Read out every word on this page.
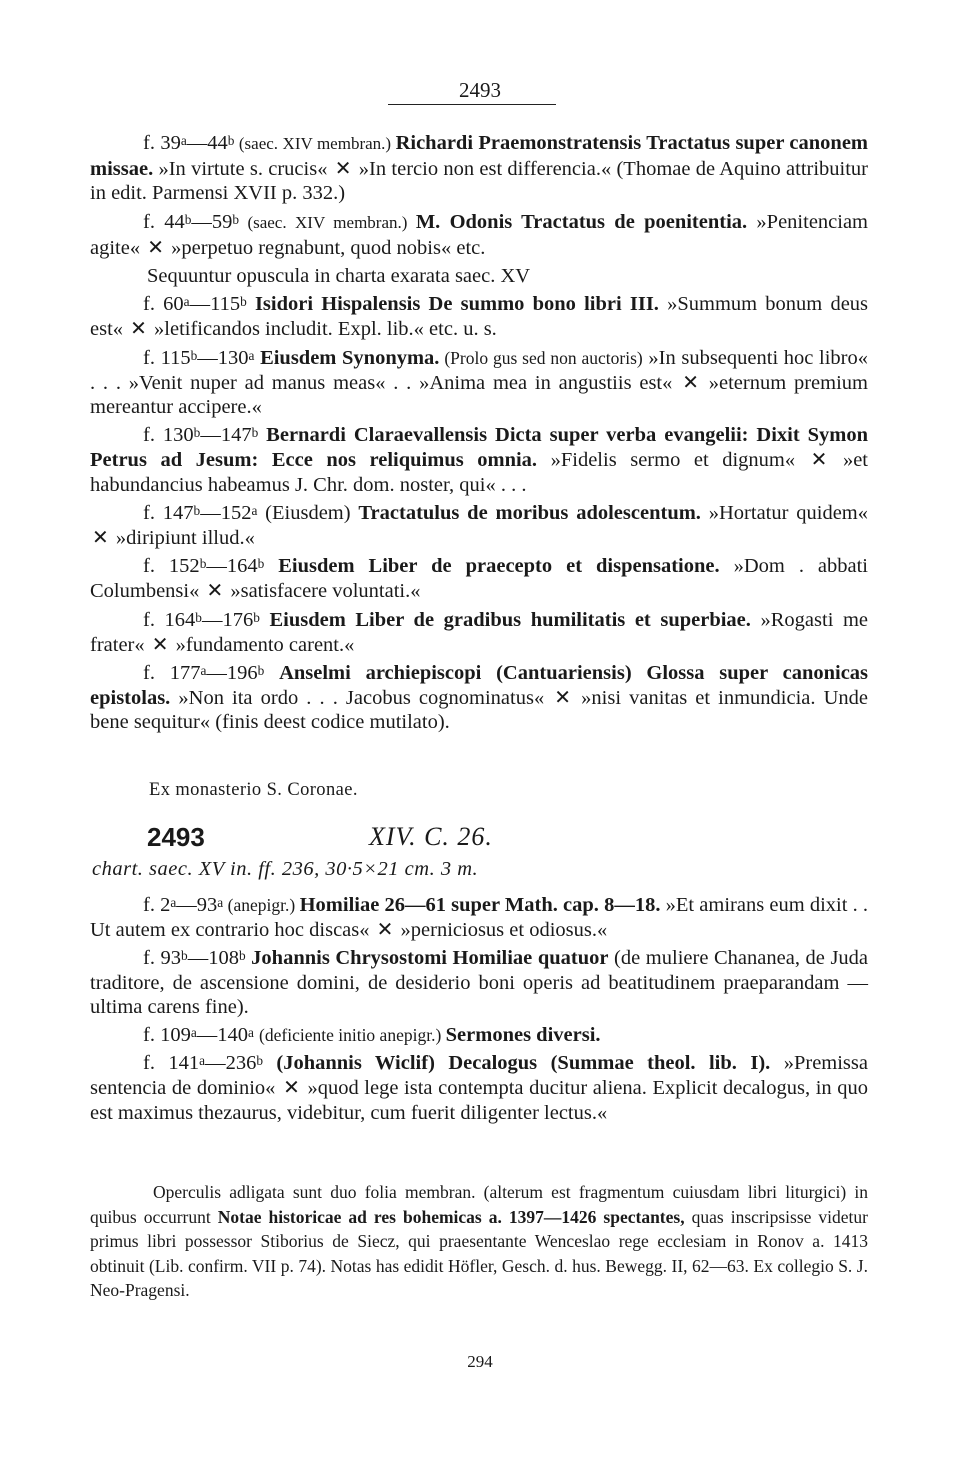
2493

f. 39$^a$—44$^b$ (saec. XIV membran.) Richardi Praemonstratensis Tractatus super canonem missae. »In virtute s. crucis« ✕ »In tercio non est differencia.« (Thomae de Aquino attribuitur in edit. Parmensi XVII p. 332.)

f. 44$^b$—59$^b$ (saec. XIV membran.) M. Odonis Tractatus de poenitentia. »Penitenciam agite« ✕ »perpetuo regnabunt, quod nobis« etc.

Sequuntur opuscula in charta exarata saec. XV

f. 60$^a$—115$^b$ Isidori Hispalensis De summo bono libri III. »Summum bonum deus est« ✕ »letificandos includit. Expl. lib.« etc. u. s.

f. 115$^b$—130$^a$ Eiusdem Synonyma. (Prolo gus sed non auctoris) »In subsequenti hoc libro« . . . »Venit nuper ad manus meas« . . »Anima mea in angustiis est« ✕ »eternum premium mereantur accipere.«

f. 130$^b$—147$^b$ Bernardi Claraevallensis Dicta super verba evangelii: Dixit Symon Petrus ad Jesum: Ecce nos reliquimus omnia. »Fidelis sermo et dignum« ✕ »et habundancius habeamus J. Chr. dom. noster, qui« . . .

f. 147$^b$—152$^a$ (Eiusdem) Tractatulus de moribus adolescentum. »Hortatur quidem« ✕ »diripiunt illud.«

f. 152$^b$—164$^b$ Eiusdem Liber de praecepto et dispensatione. »Dom . abbati Columbensi« ✕ »satisfacere voluntati.«

f. 164$^b$—176$^b$ Eiusdem Liber de gradibus humilitatis et superbiae. »Rogasti me frater« ✕ »fundamento carent.«

f. 177$^a$—196$^b$ Anselmi archiepiscopi (Cantuariensis) Glossa super canonicas epistolas. »Non ita ordo . . . Jacobus cognominatus« ✕ »nisi vanitas et inmundicia. Unde bene sequitur« (finis deest codice mutilato).

Ex monasterio S. Coronae.
2493	XIV. C. 26.
chart. saec. XV in. ff. 236, 30·5×21 cm. 3 m.

f. 2$^a$—93$^a$ (anepigr.) Homiliae 26—61 super Math. cap. 8—18. »Et amirans eum dixit . . Ut autem ex contrario hoc discas« ✕ »perniciosus et odiosus.«

f. 93$^b$—108$^b$ Johannis Chrysostomi Homiliae quatuor (de muliere Chananea, de Juda traditore, de ascensione domini, de desiderio boni operis ad beatitudinem praeparandam — ultima carens fine).

f. 109$^a$—140$^a$ (deficiente initio anepigr.) Sermones diversi.

f. 141$^a$—236$^b$ (Johannis Wiclif) Decalogus (Summae theol. lib. I). »Premissa sentencia de dominio« ✕ »quod lege ista contempta ducitur aliena. Explicit decalogus, in quo est maximus thezaurus, videbitur, cum fuerit diligenter lectus.«

Operculis adligata sunt duo folia membran. (alterum est fragmentum cuiusdam libri liturgici) in quibus occurrunt Notae historicae ad res bohemicas a. 1397—1426 spectantes, quas inscripsisse videtur primus libri possessor Stiborius de Siecz, qui praesentante Wenceslao rege ecclesiam in Ronov a. 1413 obtinuit (Lib. confirm. VII p. 74). Notas has edidit Höfler, Gesch. d. hus. Bewegg. II, 62—63. Ex collegio S. J. Neo-Pragensi.

294
